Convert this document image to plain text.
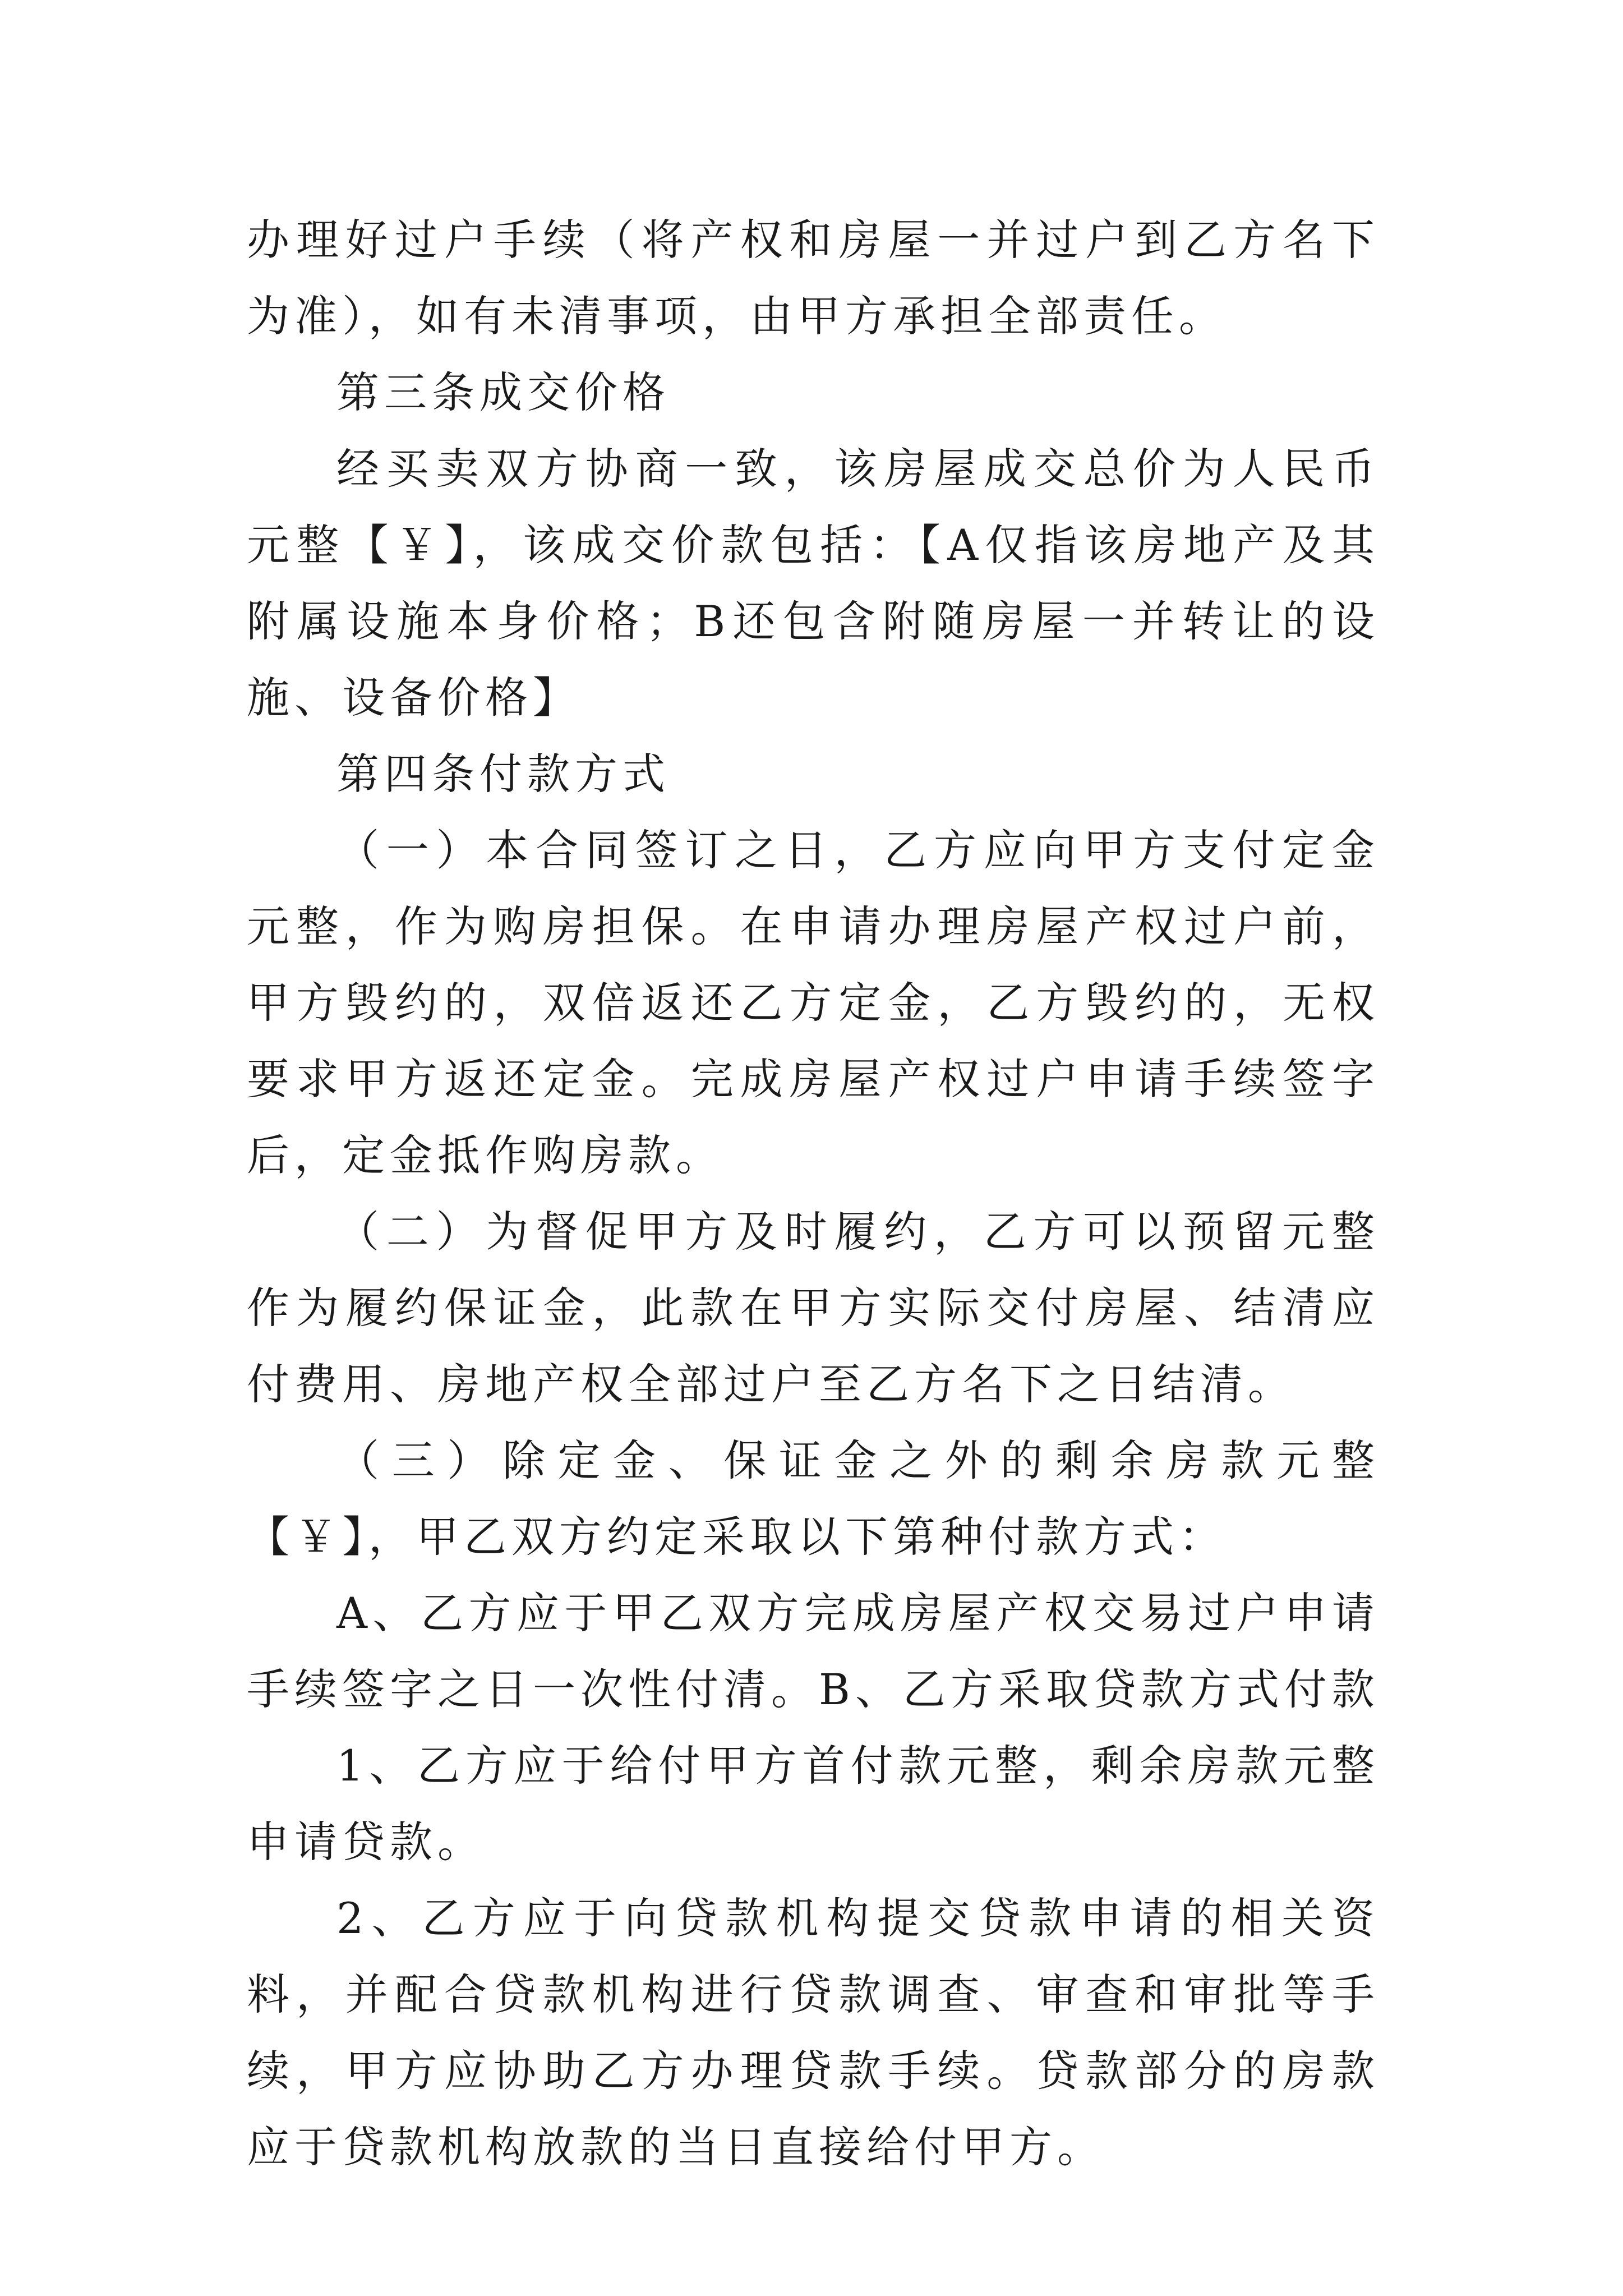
办理好过户手续（将产权和房屋一并过户到乙方名下为准），如有未清事项，由甲方承担全部责任。

第三条成交价格

经买卖双方协商一致，该房屋成交总价为人民币元整【￥】，该成交价款包括：【A仅指该房地产及其附属设施本身价格；B还包含附随房屋一并转让的设施、设备价格】

第四条付款方式

（一）本合同签订之日，乙方应向甲方支付定金元整，作为购房担保。在申请办理房屋产权过户前，甲方毁约的，双倍返还乙方定金，乙方毁约的，无权要求甲方返还定金。完成房屋产权过户申请手续签字后，定金抵作购房款。

（二）为督促甲方及时履约，乙方可以预留元整作为履约保证金，此款在甲方实际交付房屋、结清应付费用、房地产权全部过户至乙方名下之日结清。

（三）除定金、保证金之外的剩余房款元整【￥】，甲乙双方约定采取以下第种付款方式：

A、乙方应于甲乙双方完成房屋产权交易过户申请手续签字之日一次性付清。B、乙方采取贷款方式付款

1、乙方应于给付甲方首付款元整，剩余房款元整申请贷款。

2、乙方应于向贷款机构提交贷款申请的相关资料，并配合贷款机构进行贷款调查、审查和审批等手续，甲方应协助乙方办理贷款手续。贷款部分的房款应于贷款机构放款的当日直接给付甲方。
